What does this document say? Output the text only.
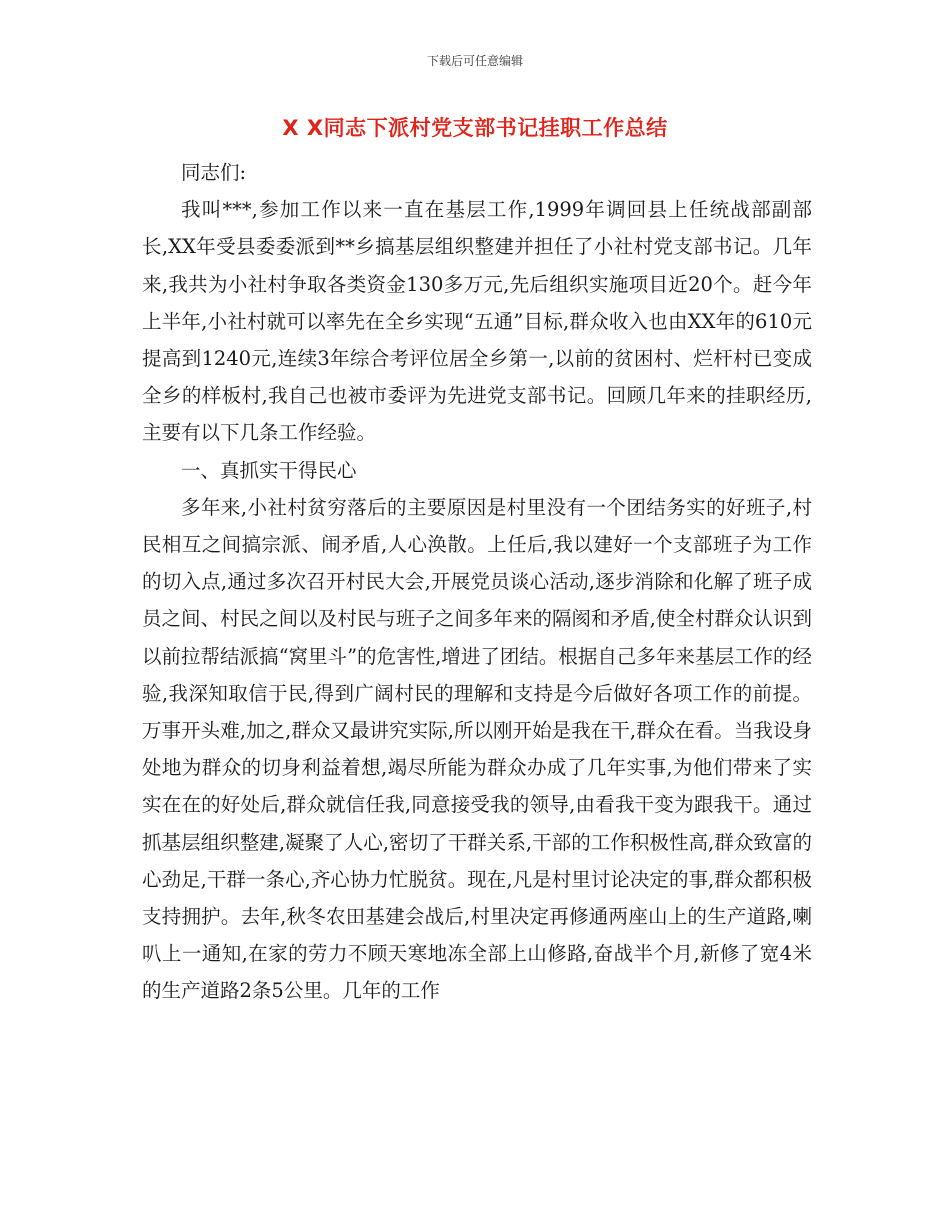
下载后可任意编辑
X X同志下派村党支部书记挂职工作总结

同志们:

我叫***,参加工作以来一直在基层工作,1999年调回县上任统战部副部长,XX年受县委委派到**乡搞基层组织整建并担任了小社村党支部书记。几年来,我共为小社村争取各类资金130多万元,先后组织实施项目近20个。赶今年上半年,小社村就可以率先在全乡实现“五通”目标,群众收入也由XX年的610元提高到1240元,连续3年综合考评位居全乡第一,以前的贫困村、烂杆村已变成全乡的样板村,我自己也被市委评为先进党支部书记。回顾几年来的挂职经历,主要有以下几条工作经验。

一、真抓实干得民心

多年来,小社村贫穷落后的主要原因是村里没有一个团结务实的好班子,村民相互之间搞宗派、闹矛盾,人心涣散。上任后,我以建好一个支部班子为工作的切入点,通过多次召开村民大会,开展党员谈心活动,逐步消除和化解了班子成员之间、村民之间以及村民与班子之间多年来的隔阂和矛盾,使全村群众认识到以前拉帮结派搞“窝里斗”的危害性,增进了团结。根据自己多年来基层工作的经验,我深知取信于民,得到广阔村民的理解和支持是今后做好各项工作的前提。万事开头难,加之,群众又最讲究实际,所以刚开始是我在干,群众在看。当我设身处地为群众的切身利益着想,竭尽所能为群众办成了几年实事,为他们带来了实实在在的好处后,群众就信任我,同意接受我的领导,由看我干变为跟我干。通过抓基层组织整建,凝聚了人心,密切了干群关系,干部的工作积极性高,群众致富的心劲足,干群一条心,齐心协力忙脱贫。现在,凡是村里讨论决定的事,群众都积极支持拥护。去年,秋冬农田基建会战后,村里决定再修通两座山上的生产道路,喇叭上一通知,在家的劳力不顾天寒地冻全部上山修路,奋战半个月,新修了宽4米的生产道路2条5公里。几年的工作
